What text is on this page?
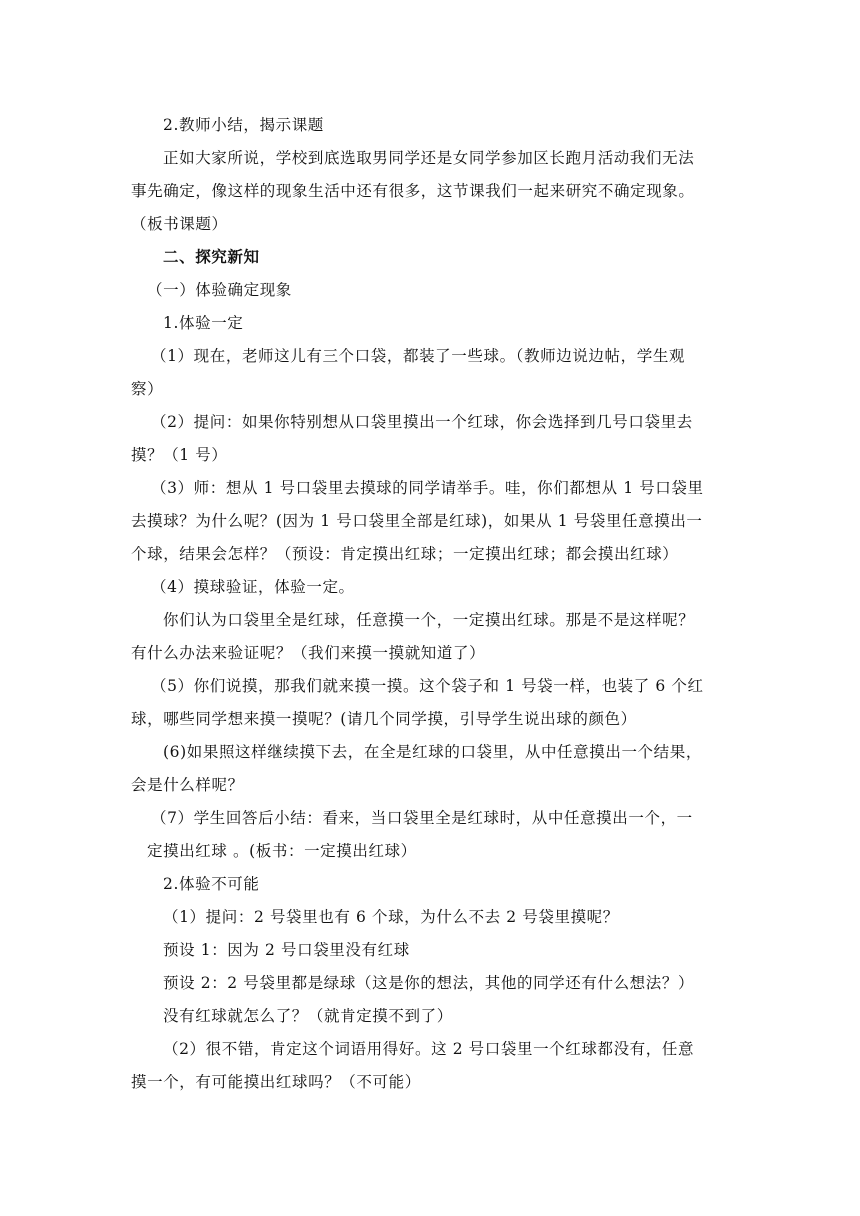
2.教师小结，揭示课题
正如大家所说，学校到底选取男同学还是女同学参加区长跑月活动我们无法
事先确定，像这样的现象生活中还有很多，这节课我们一起来研究不确定现象。
（板书课题）
二、探究新知
（一）体验确定现象
1.体验一定
（1）现在，老师这儿有三个口袋，都装了一些球。（教师边说边帖，学生观
察）
（2）提问：如果你特别想从口袋里摸出一个红球，你会选择到几号口袋里去
摸？（1 号）
（3）师：想从 1 号口袋里去摸球的同学请举手。哇，你们都想从 1 号口袋里
去摸球？为什么呢？(因为 1 号口袋里全部是红球)，如果从 1 号袋里任意摸出一
个球，结果会怎样？（预设：肯定摸出红球；一定摸出红球；都会摸出红球）
（4）摸球验证，体验一定。
你们认为口袋里全是红球，任意摸一个，一定摸出红球。那是不是这样呢？
有什么办法来验证呢？（我们来摸一摸就知道了）
（5）你们说摸，那我们就来摸一摸。这个袋子和 1 号袋一样，也装了 6 个红
球，哪些同学想来摸一摸呢？(请几个同学摸，引导学生说出球的颜色）
(6)如果照这样继续摸下去，在全是红球的口袋里，从中任意摸出一个结果，
会是什么样呢？
（7）学生回答后小结：看来，当口袋里全是红球时，从中任意摸出一个，一
定摸出红球 。(板书：一定摸出红球）
2.体验不可能
（1）提问：2 号袋里也有 6 个球，为什么不去 2 号袋里摸呢？
预设 1：因为 2 号口袋里没有红球
预设 2：2 号袋里都是绿球（这是你的想法，其他的同学还有什么想法？）
没有红球就怎么了？（就肯定摸不到了）
（2）很不错，肯定这个词语用得好。这 2 号口袋里一个红球都没有，任意
摸一个，有可能摸出红球吗？（不可能）
